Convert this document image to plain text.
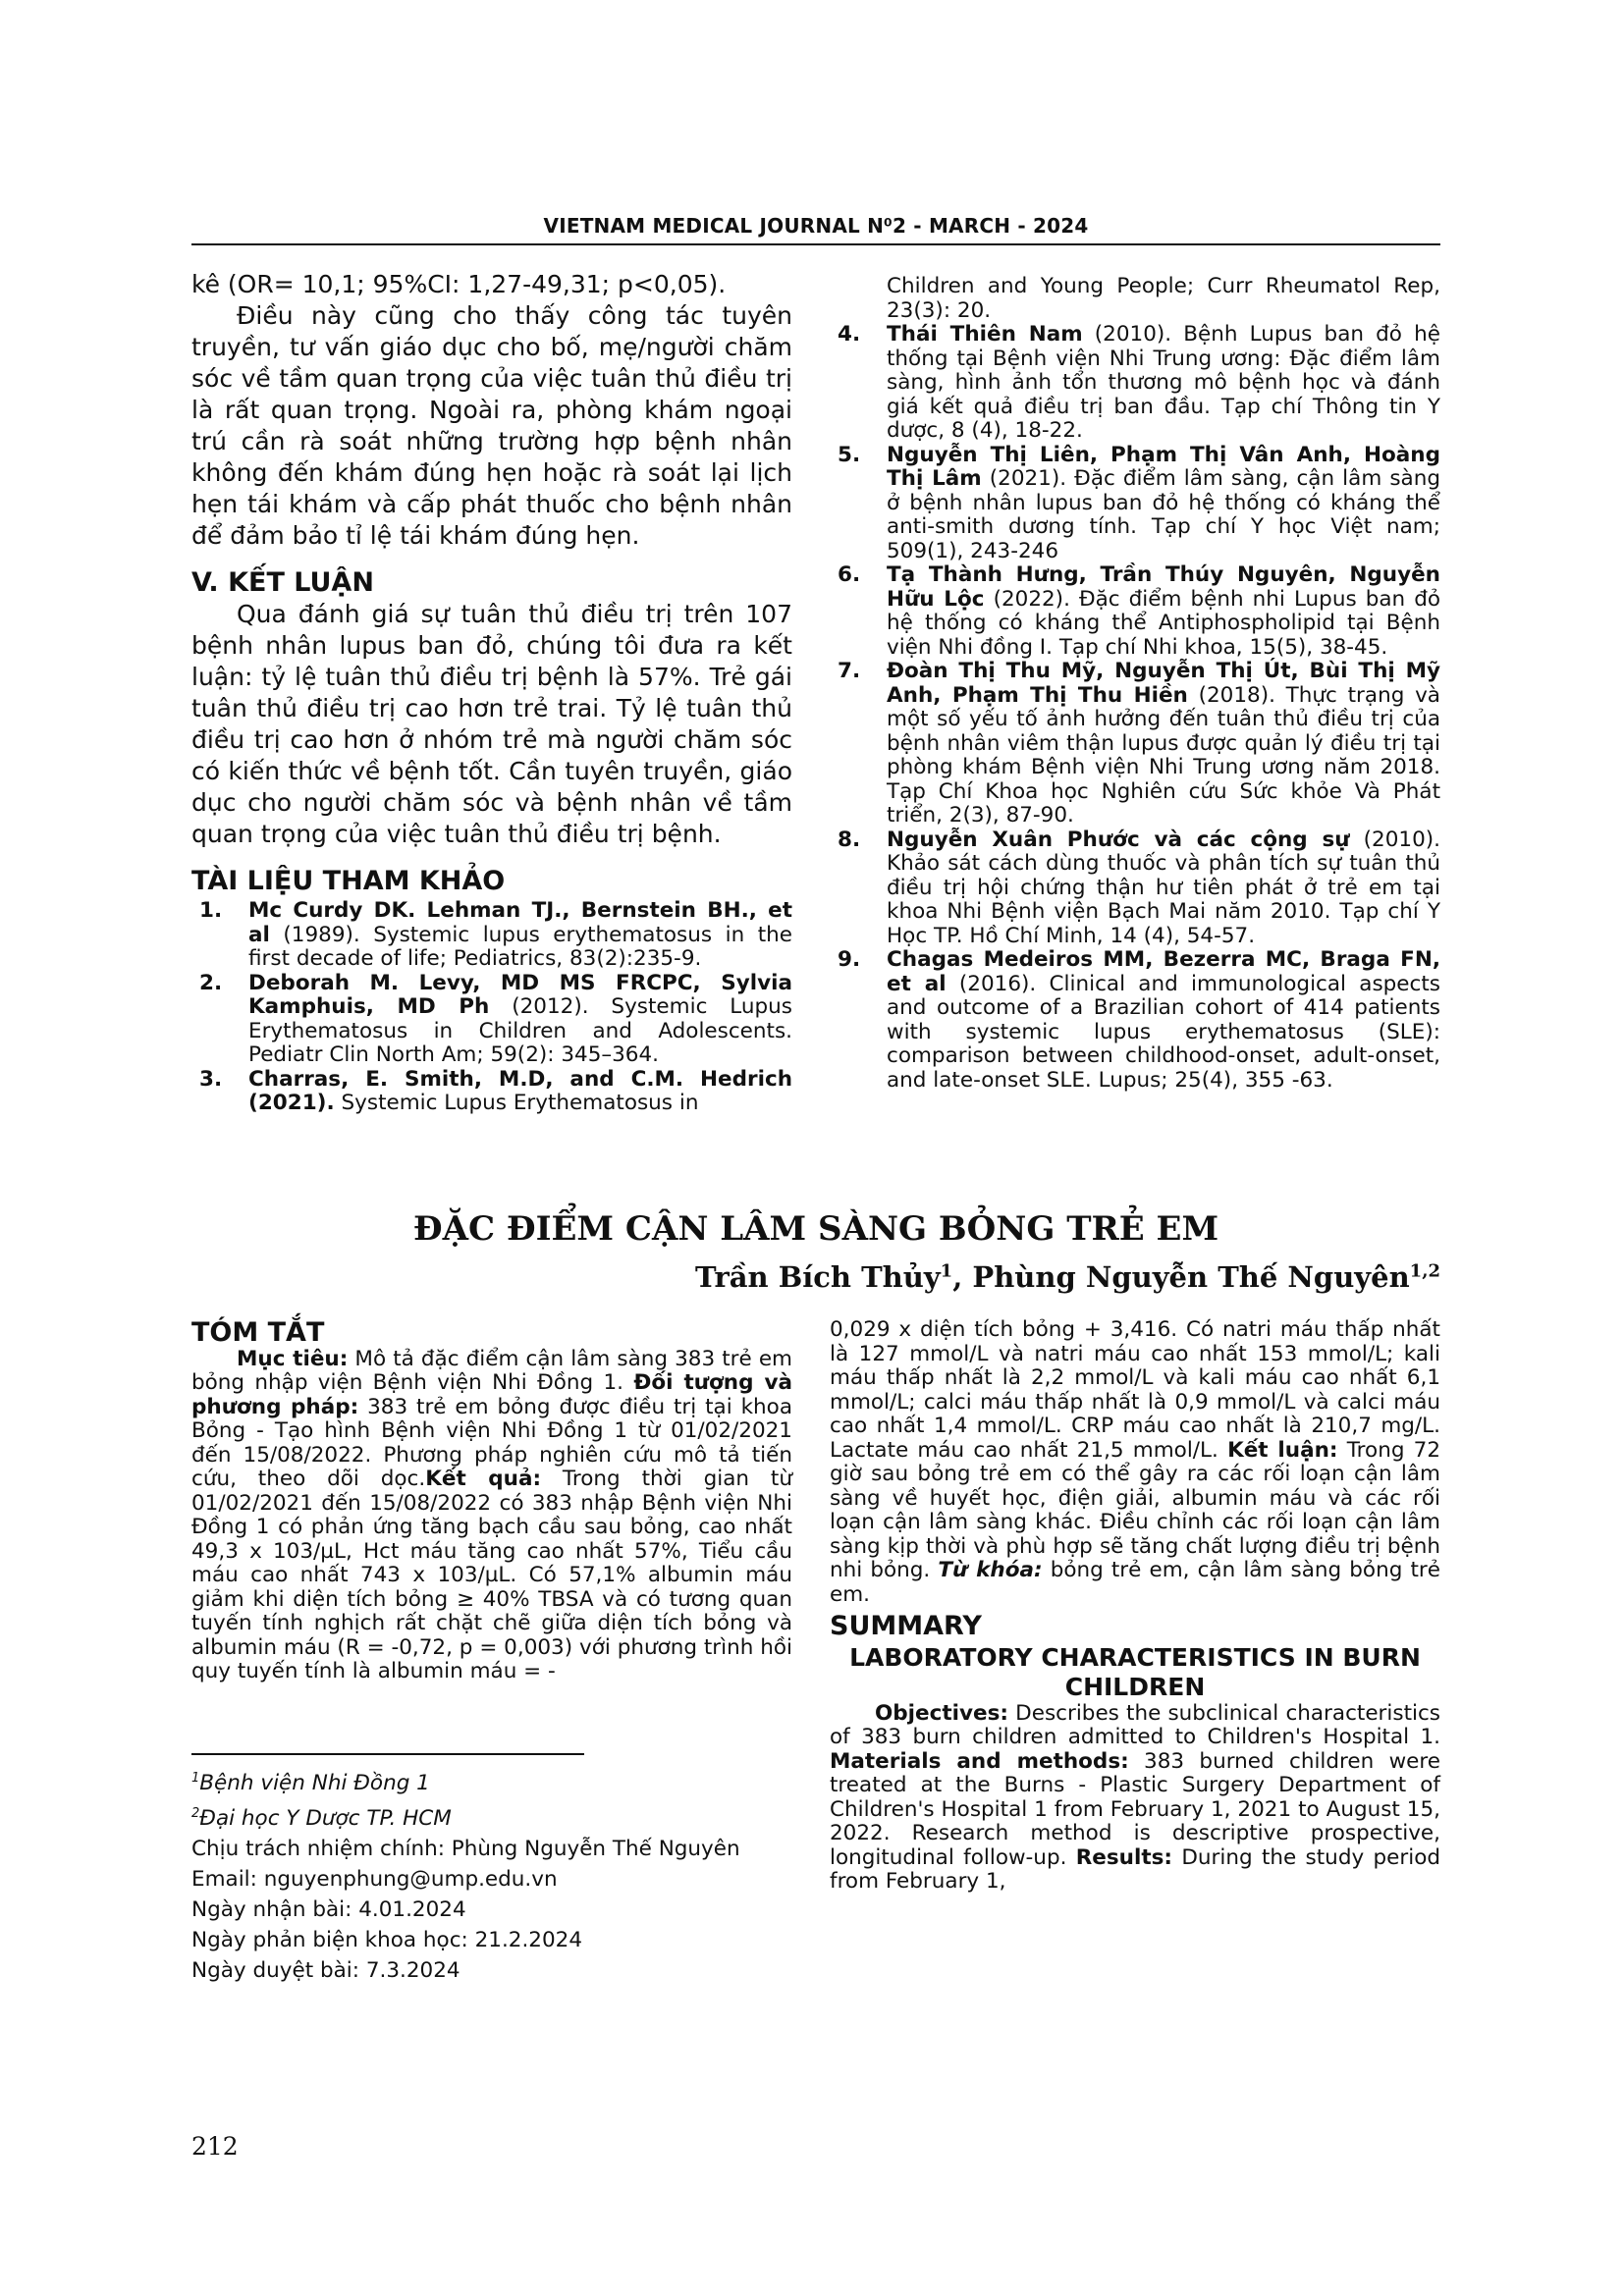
VIETNAM MEDICAL JOURNAL N⁰2 - MARCH - 2024

kê (OR= 10,1; 95%CI: 1,27-49,31; p<0,05).

Điều này cũng cho thấy công tác tuyên truyền, tư vấn giáo dục cho bố, mẹ/người chăm sóc về tầm quan trọng của việc tuân thủ điều trị là rất quan trọng. Ngoài ra, phòng khám ngoại trú cần rà soát những trường hợp bệnh nhân không đến khám đúng hẹn hoặc rà soát lại lịch hẹn tái khám và cấp phát thuốc cho bệnh nhân để đảm bảo tỉ lệ tái khám đúng hẹn.

V. KẾT LUẬN

Qua đánh giá sự tuân thủ điều trị trên 107 bệnh nhân lupus ban đỏ, chúng tôi đưa ra kết luận: tỷ lệ tuân thủ điều trị bệnh là 57%. Trẻ gái tuân thủ điều trị cao hơn trẻ trai. Tỷ lệ tuân thủ điều trị cao hơn ở nhóm trẻ mà người chăm sóc có kiến thức về bệnh tốt. Cần tuyên truyền, giáo dục cho người chăm sóc và bệnh nhân về tầm quan trọng của việc tuân thủ điều trị bệnh.

TÀI LIỆU THAM KHẢO

1. Mc Curdy DK. Lehman TJ., Bernstein BH., et al (1989). Systemic lupus erythematosus in the first decade of life; Pediatrics, 83(2):235-9.
2. Deborah M. Levy, MD MS FRCPC, Sylvia Kamphuis, MD Ph (2012). Systemic Lupus Erythematosus in Children and Adolescents. Pediatr Clin North Am; 59(2): 345–364.
3. Charras, E. Smith, M.D, and C.M. Hedrich (2021). Systemic Lupus Erythematosus in
Children and Young People; Curr Rheumatol Rep, 23(3): 20.
4. Thái Thiên Nam (2010). Bệnh Lupus ban đỏ hệ thống tại Bệnh viện Nhi Trung ương: Đặc điểm lâm sàng, hình ảnh tổn thương mô bệnh học và đánh giá kết quả điều trị ban đầu. Tạp chí Thông tin Y dược, 8 (4), 18-22.
5. Nguyễn Thị Liên, Phạm Thị Vân Anh, Hoàng Thị Lâm (2021). Đặc điểm lâm sàng, cận lâm sàng ở bệnh nhân lupus ban đỏ hệ thống có kháng thể anti-smith dương tính. Tạp chí Y học Việt nam; 509(1), 243-246
6. Tạ Thành Hưng, Trần Thúy Nguyên, Nguyễn Hữu Lộc (2022). Đặc điểm bệnh nhi Lupus ban đỏ hệ thống có kháng thể Antiphospholipid tại Bệnh viện Nhi đồng I. Tạp chí Nhi khoa, 15(5), 38-45.
7. Đoàn Thị Thu Mỹ, Nguyễn Thị Út, Bùi Thị Mỹ Anh, Phạm Thị Thu Hiền (2018). Thực trạng và một số yếu tố ảnh hưởng đến tuân thủ điều trị của bệnh nhân viêm thận lupus được quản lý điều trị tại phòng khám Bệnh viện Nhi Trung ương năm 2018. Tạp Chí Khoa học Nghiên cứu Sức khỏe Và Phát triển, 2(3), 87-90.
8. Nguyễn Xuân Phước và các cộng sự (2010). Khảo sát cách dùng thuốc và phân tích sự tuân thủ điều trị hội chứng thận hư tiên phát ở trẻ em tại khoa Nhi Bệnh viện Bạch Mai năm 2010. Tạp chí Y Học TP. Hồ Chí Minh, 14 (4), 54-57.
9. Chagas Medeiros MM, Bezerra MC, Braga FN, et al (2016). Clinical and immunological aspects and outcome of a Brazilian cohort of 414 patients with systemic lupus erythematosus (SLE): comparison between childhood-onset, adult-onset, and late-onset SLE. Lupus; 25(4), 355 -63.
ĐẶC ĐIỂM CẬN LÂM SÀNG BỎNG TRẺ EM
Trần Bích Thủy$^1$, Phùng Nguyễn Thế Nguyên$^{1,2}$

TÓM TẮT

Mục tiêu: Mô tả đặc điểm cận lâm sàng 383 trẻ em bỏng nhập viện Bệnh viện Nhi Đồng 1. Đối tượng và phương pháp: 383 trẻ em bỏng được điều trị tại khoa Bỏng - Tạo hình Bệnh viện Nhi Đồng 1 từ 01/02/2021 đến 15/08/2022. Phương pháp nghiên cứu mô tả tiến cứu, theo dõi dọc.Kết quả: Trong thời gian từ 01/02/2021 đến 15/08/2022 có 383 nhập Bệnh viện Nhi Đồng 1 có phản ứng tăng bạch cầu sau bỏng, cao nhất 49,3 x 103/µL, Hct máu tăng cao nhất 57%, Tiểu cầu máu cao nhất 743 x 103/µL. Có 57,1% albumin máu giảm khi diện tích bỏng ≥ 40% TBSA và có tương quan tuyến tính nghịch rất chặt chẽ giữa diện tích bỏng và albumin máu (R = -0,72, p = 0,003) với phương trình hồi quy tuyến tính là albumin máu = -

0,029 x diện tích bỏng + 3,416. Có natri máu thấp nhất là 127 mmol/L và natri máu cao nhất 153 mmol/L; kali máu thấp nhất là 2,2 mmol/L và kali máu cao nhất 6,1 mmol/L; calci máu thấp nhất là 0,9 mmol/L và calci máu cao nhất 1,4 mmol/L. CRP máu cao nhất là 210,7 mg/L. Lactate máu cao nhất 21,5 mmol/L. Kết luận: Trong 72 giờ sau bỏng trẻ em có thể gây ra các rối loạn cận lâm sàng về huyết học, điện giải, albumin máu và các rối loạn cận lâm sàng khác. Điều chỉnh các rối loạn cận lâm sàng kịp thời và phù hợp sẽ tăng chất lượng điều trị bệnh nhi bỏng. Từ khóa: bỏng trẻ em, cận lâm sàng bỏng trẻ em.

SUMMARY

LABORATORY CHARACTERISTICS IN BURN CHILDREN

Objectives: Describes the subclinical characteristics of 383 burn children admitted to Children's Hospital 1. Materials and methods: 383 burned children were treated at the Burns - Plastic Surgery Department of Children's Hospital 1 from February 1, 2021 to August 15, 2022. Research method is descriptive prospective, longitudinal follow-up. Results: During the study period from February 1,

$^1$Bệnh viện Nhi Đồng 1
$^2$Đại học Y Dược TP. HCM
Chịu trách nhiệm chính: Phùng Nguyễn Thế Nguyên
Email: nguyenphung@ump.edu.vn
Ngày nhận bài: 4.01.2024
Ngày phản biện khoa học: 21.2.2024
Ngày duyệt bài: 7.3.2024
212
